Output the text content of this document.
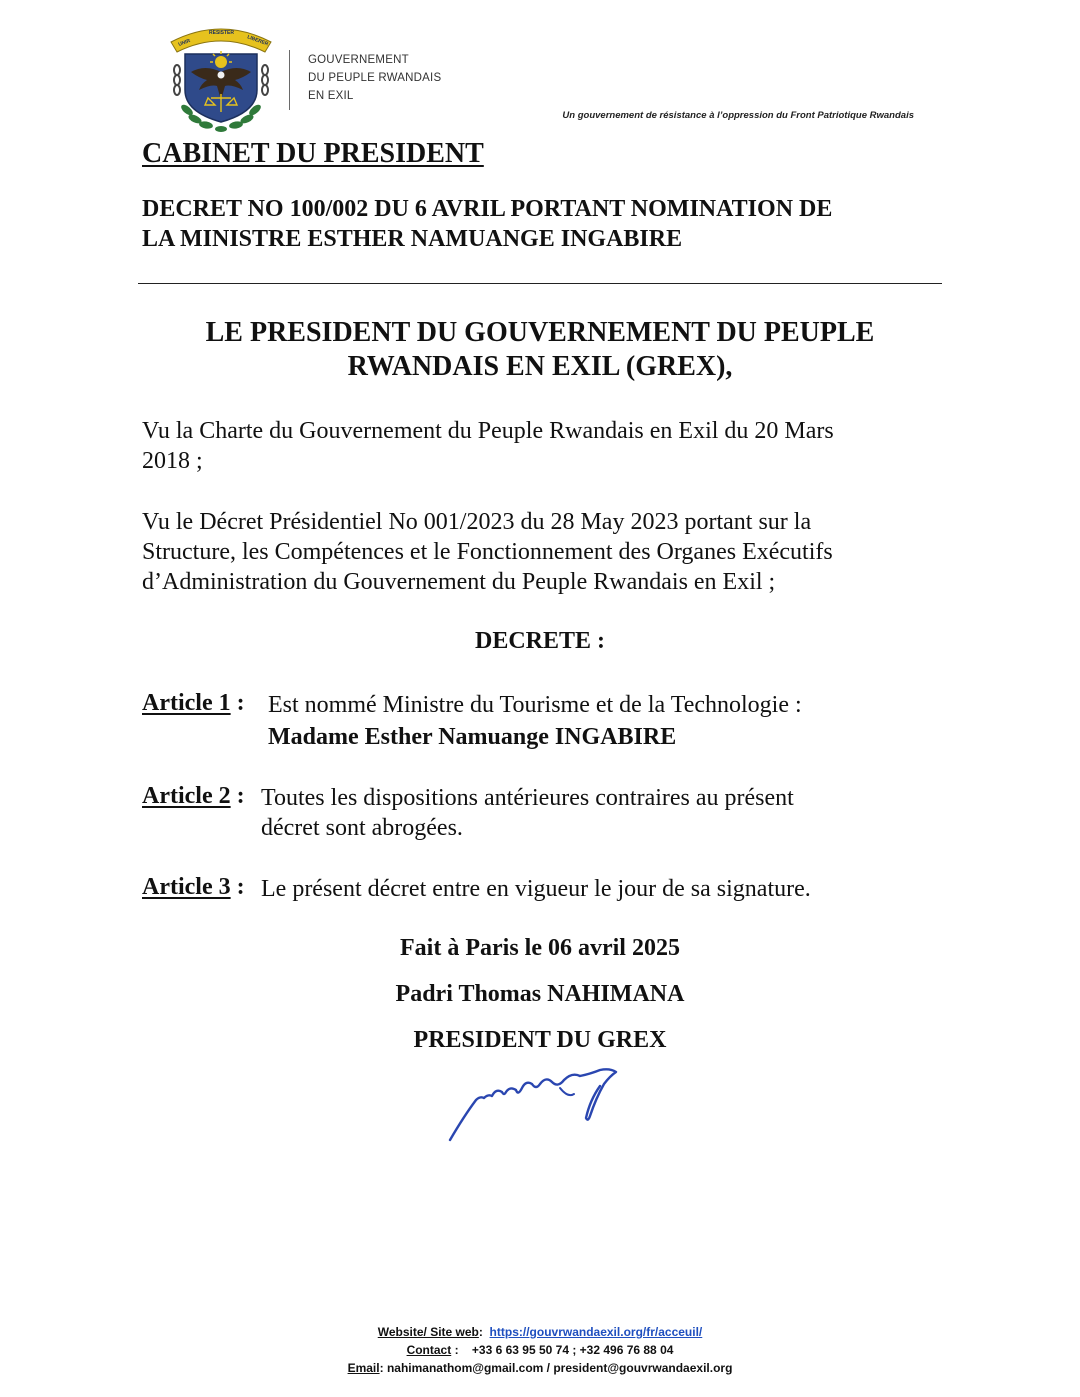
UNIR
RESISTER
LIBERER
GOUVERNEMENT
DU PEUPLE RWANDAIS
EN EXIL
Un gouvernement de résistance à l’oppression du Front Patriotique Rwandais
CABINET DU PRESIDENT
DECRET NO 100/002 DU 6 AVRIL PORTANT NOMINATION DE
LA MINISTRE ESTHER NAMUANGE INGABIRE
LE PRESIDENT DU GOUVERNEMENT DU PEUPLE
RWANDAIS EN EXIL (GREX),
Vu la Charte du Gouvernement du Peuple Rwandais en Exil du 20 Mars
2018 ;
Vu le Décret Présidentiel No 001/2023 du 28 May 2023 portant sur la
Structure, les Compétences et le Fonctionnement des Organes Exécutifs
d’Administration du Gouvernement du Peuple Rwandais en Exil ;
DECRETE :
Article 1 : Est nommé Ministre du Tourisme et de la Technologie :
Madame Esther Namuange INGABIRE
Article 2 : Toutes les dispositions antérieures contraires au présent
décret sont abrogées.
Article 3 : Le présent décret entre en vigueur le jour de sa signature.
Fait à Paris le 06 avril 2025
Padri Thomas NAHIMANA
PRESIDENT DU GREX
Website/ Site web:  https://gouvrwandaexil.org/fr/acceuil/
Contact :    +33 6 63 95 50 74 ; +32 496 76 88 04
Email: nahimanathom@gmail.com / president@gouvrwandaexil.org
